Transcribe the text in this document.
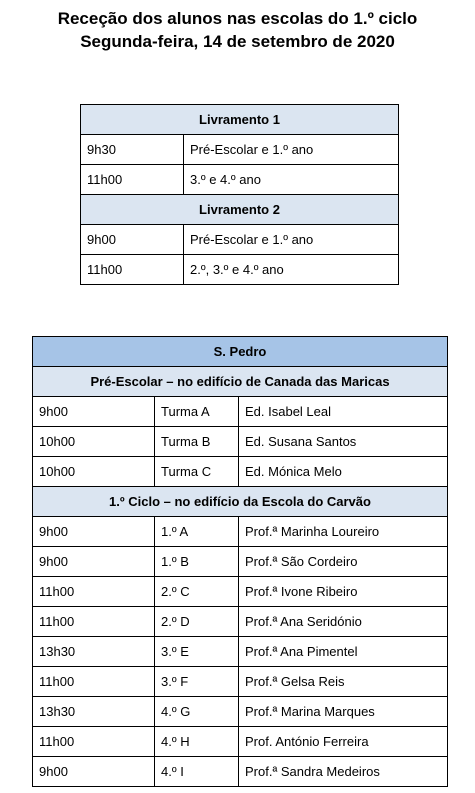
Receção dos alunos nas escolas do 1.º ciclo
Segunda-feira, 14 de setembro de 2020
Livramento 1	
9h30	Pré-Escolar e 1.º ano
11h00	3.º e 4.º ano
Livramento 2	
9h00	Pré-Escolar e 1.º ano
11h00	2.º, 3.º e 4.º ano
S. Pedro		
Pré-Escolar – no edifício de Canada das Maricas		
9h00	Turma A	Ed. Isabel Leal
10h00	Turma B	Ed. Susana Santos
10h00	Turma C	Ed. Mónica Melo
1.º Ciclo – no edifício da Escola do Carvão		
9h00	1.º A	Prof.ª Marinha Loureiro
9h00	1.º B	Prof.ª São Cordeiro
11h00	2.º C	Prof.ª Ivone Ribeiro
11h00	2.º D	Prof.ª Ana Seridónio
13h30	3.º E	Prof.ª Ana Pimentel
11h00	3.º F	Prof.ª Gelsa Reis
13h30	4.º G	Prof.ª Marina Marques
11h00	4.º H	Prof. António Ferreira
9h00	4.º I	Prof.ª Sandra Medeiros
